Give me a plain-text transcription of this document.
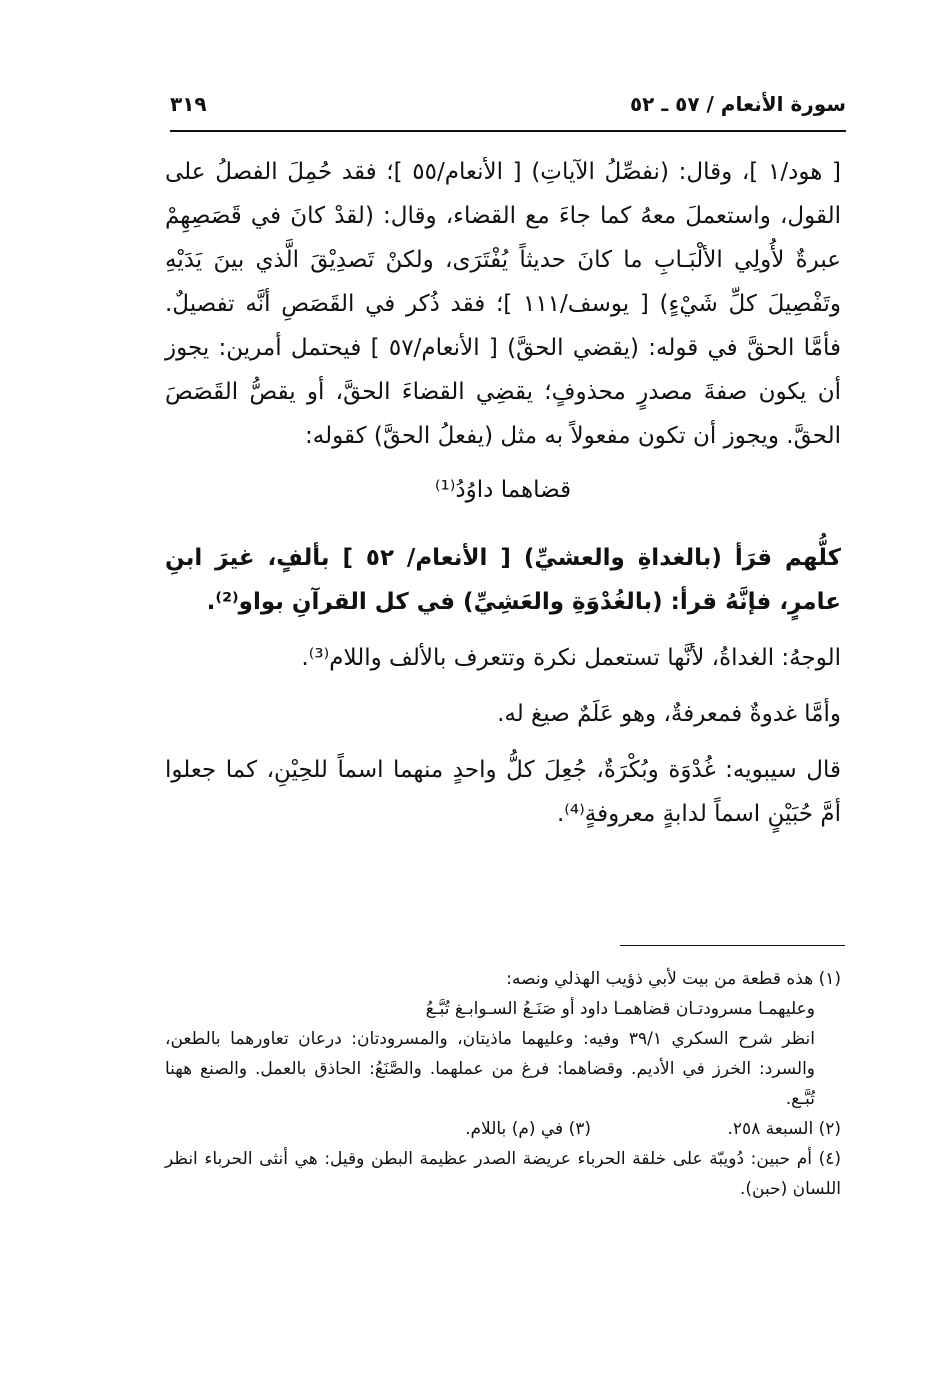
سورة الأنعام / ٥٧ ـ ٥٢
٣١٩

[ هود/١ ]، وقال: (نفصِّلُ الآياتِ) [ الأنعام/٥٥ ]؛ فقد حُمِلَ الفصلُ على القول، واستعملَ معهُ كما جاءَ مع القضاء، وقال: (لقدْ كانَ في قَصَصِهِمْ عبرةٌ لأُولِي الألْبَـابِ ما كانَ حديثاً يُفْتَرَى، ولكنْ تَصدِيْقَ الَّذي بينَ يَدَيْهِ وتَفْصِيلَ كلِّ شَيْءٍ) [ يوسف/١١١ ]؛ فقد ذُكر في القَصَصِ أنَّه تفصيلٌ. فأمَّا الحقَّ في قوله: (يقضي الحقَّ) [ الأنعام/٥٧ ] فيحتمل أمرين: يجوز أن يكون صفةَ مصدرٍ محذوفٍ؛ يقضِي القضاءَ الحقَّ، أو يقصُّ القَصَصَ الحقَّ. ويجوز أن تكون مفعولاً به مثل (يفعلُ الحقَّ) كقوله:

قضاهما داوُدُ⁽¹⁾

كلُّهم قرَأ (بالغداةِ والعشيِّ) [ الأنعام/ ٥٢ ] بألفٍ، غيرَ ابنِ عامرٍ، فإنَّهُ قرأ: (بالغُدْوَةِ والعَشِيِّ) في كل القرآنِ بواو⁽²⁾.

الوجهُ: الغداةُ، لأنَّها تستعمل نكرة وتتعرف بالألف واللام⁽³⁾.

وأمَّا غدوةٌ فمعرفةٌ، وهو عَلَمٌ صيغ له.

قال سيبويه: غُدْوَة وبُكْرَةٌ، جُعِلَ كلُّ واحدٍ منهما اسماً للحِيْنِ، كما جعلوا أمَّ حُبَيْنٍ اسماً لدابةٍ معروفةٍ⁽⁴⁾.

(١) هذه قطعة من بيت لأبي ذؤيب الهذلي ونصه:

وعليهمـا مسرودتـان قضاهمـا داود أو صَنَـعُ السـوابـغ تُبَّـعُ

انظر شرح السكري ٣٩/١ وفيه: وعليهما ماذيتان، والمسرودتان: درعان تعاورهما بالطعن، والسرد: الخرز في الأديم. وقضاهما: فرغ من عملهما. والصَّنَعُ: الحاذق بالعمل. والصنع ههنا تُبَّـع.

(٢) السبعة ٢٥٨.
(٣) في (م) باللام.

(٤) أم حبين: دُويبّة على خلقة الحرباء عريضة الصدر عظيمة البطن وقيل: هي أنثى الحرباء انظر اللسان (حبن).
